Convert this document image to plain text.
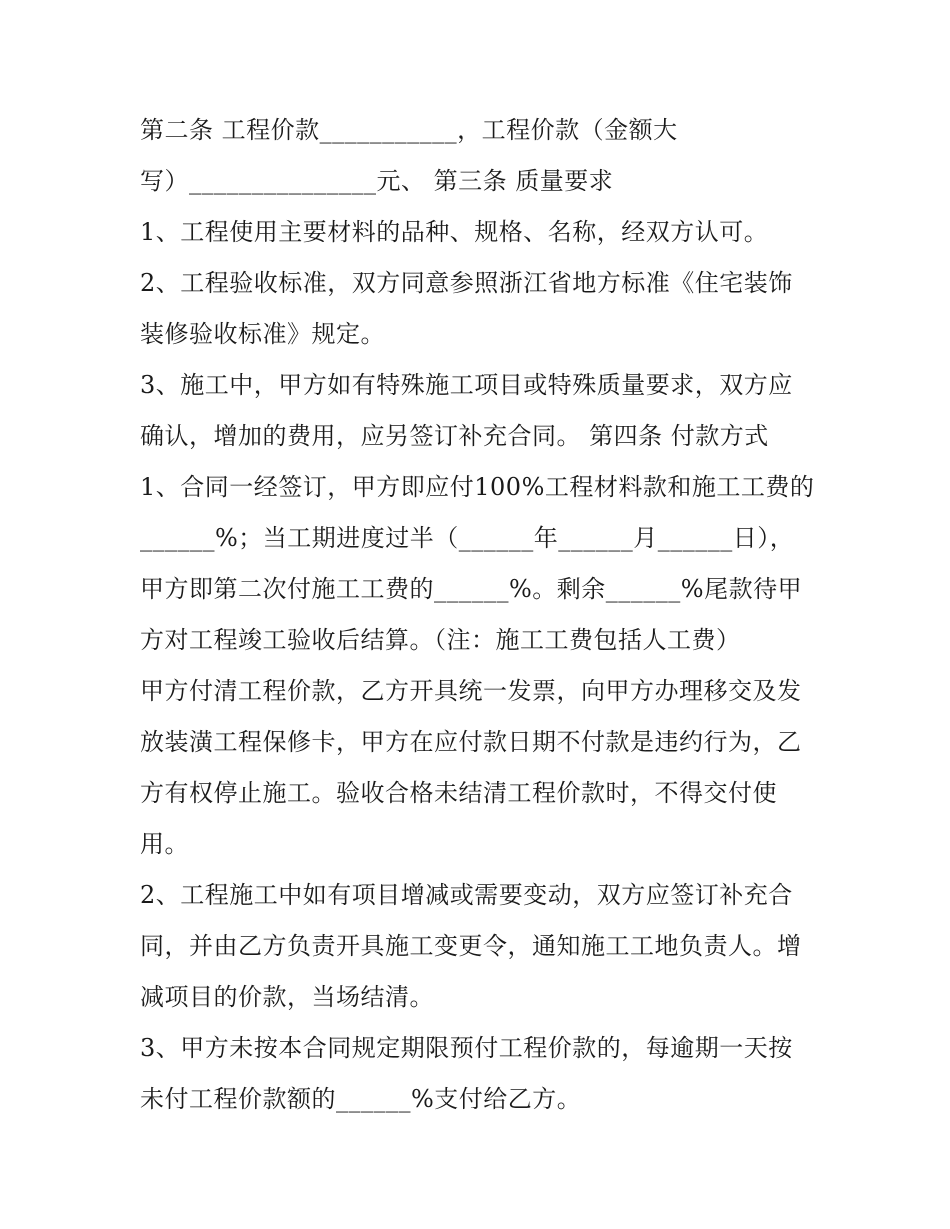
第二条 工程价款___________，工程价款（金额大
写）_______________元、 第三条 质量要求
1、工程使用主要材料的品种、规格、名称，经双方认可。
2、工程验收标准，双方同意参照浙江省地方标准《住宅装饰
装修验收标准》规定。
3、施工中，甲方如有特殊施工项目或特殊质量要求，双方应
确认，增加的费用，应另签订补充合同。 第四条 付款方式
1、合同一经签订，甲方即应付100%工程材料款和施工工费的
______%；当工期进度过半（______年______月______日），
甲方即第二次付施工工费的______%。剩余______%尾款待甲
方对工程竣工验收后结算。（注：施工工费包括人工费）
甲方付清工程价款，乙方开具统一发票，向甲方办理移交及发
放装潢工程保修卡，甲方在应付款日期不付款是违约行为，乙
方有权停止施工。验收合格未结清工程价款时，不得交付使
用。
2、工程施工中如有项目增减或需要变动，双方应签订补充合
同，并由乙方负责开具施工变更令，通知施工工地负责人。增
减项目的价款，当场结清。
3、甲方未按本合同规定期限预付工程价款的，每逾期一天按
未付工程价款额的______%支付给乙方。
